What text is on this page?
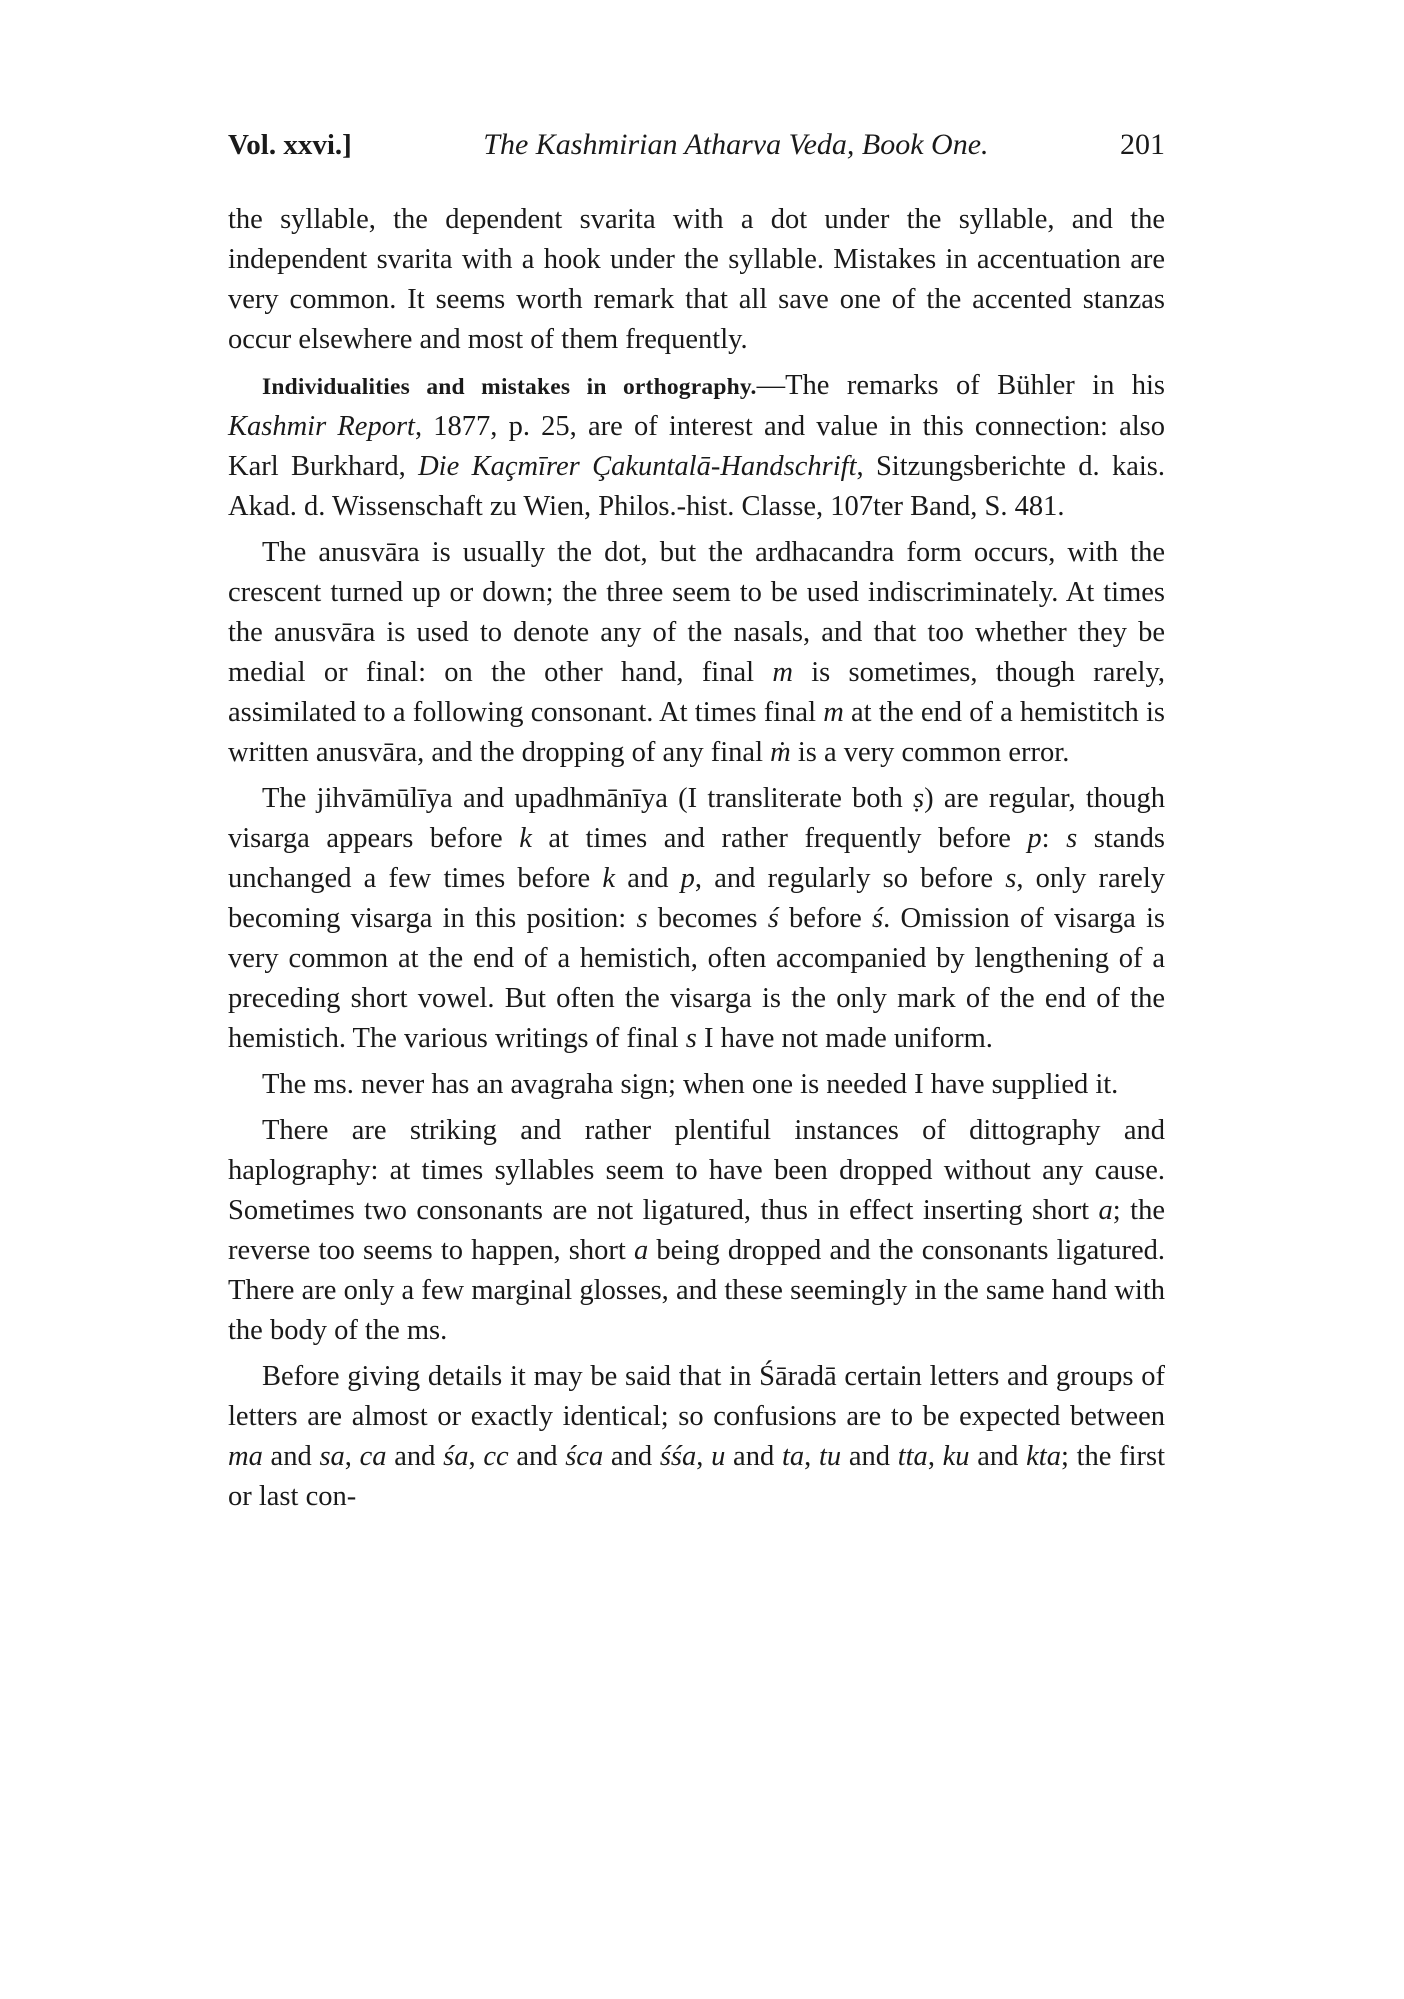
Vol. xxvi.]	The Kashmirian Atharva Veda, Book One.	201

the syllable, the dependent svarita with a dot under the syllable, and the independent svarita with a hook under the syllable. Mistakes in accentuation are very common. It seems worth remark that all save one of the accented stanzas occur elsewhere and most of them frequently.

Individualities and mistakes in orthography.—The remarks of Bühler in his Kashmir Report, 1877, p. 25, are of interest and value in this connection: also Karl Burkhard, Die Kaçmīrer Çakuntalā-Handschrift, Sitzungsberichte d. kais. Akad. d. Wissenschaft zu Wien, Philos.-hist. Classe, 107ter Band, S. 481.

The anusvāra is usually the dot, but the ardhacandra form occurs, with the crescent turned up or down; the three seem to be used indiscriminately. At times the anusvāra is used to denote any of the nasals, and that too whether they be medial or final: on the other hand, final m is sometimes, though rarely, assimilated to a following consonant. At times final m at the end of a hemistitch is written anusvāra, and the dropping of any final ṁ is a very common error.

The jihvāmūlīya and upadhmānīya (I transliterate both ṣ) are regular, though visarga appears before k at times and rather frequently before p: s stands unchanged a few times before k and p, and regularly so before s, only rarely becoming visarga in this position: s becomes ś before ś. Omission of visarga is very common at the end of a hemistich, often accompanied by lengthening of a preceding short vowel. But often the visarga is the only mark of the end of the hemistich. The various writings of final s I have not made uniform.

The ms. never has an avagraha sign; when one is needed I have supplied it.

There are striking and rather plentiful instances of dittography and haplography: at times syllables seem to have been dropped without any cause. Sometimes two consonants are not ligatured, thus in effect inserting short a; the reverse too seems to happen, short a being dropped and the consonants ligatured. There are only a few marginal glosses, and these seemingly in the same hand with the body of the ms.

Before giving details it may be said that in Śāradā certain letters and groups of letters are almost or exactly identical; so confusions are to be expected between ma and sa, ca and śa, cc and śca and śśa, u and ta, tu and tta, ku and kta; the first or last con-
